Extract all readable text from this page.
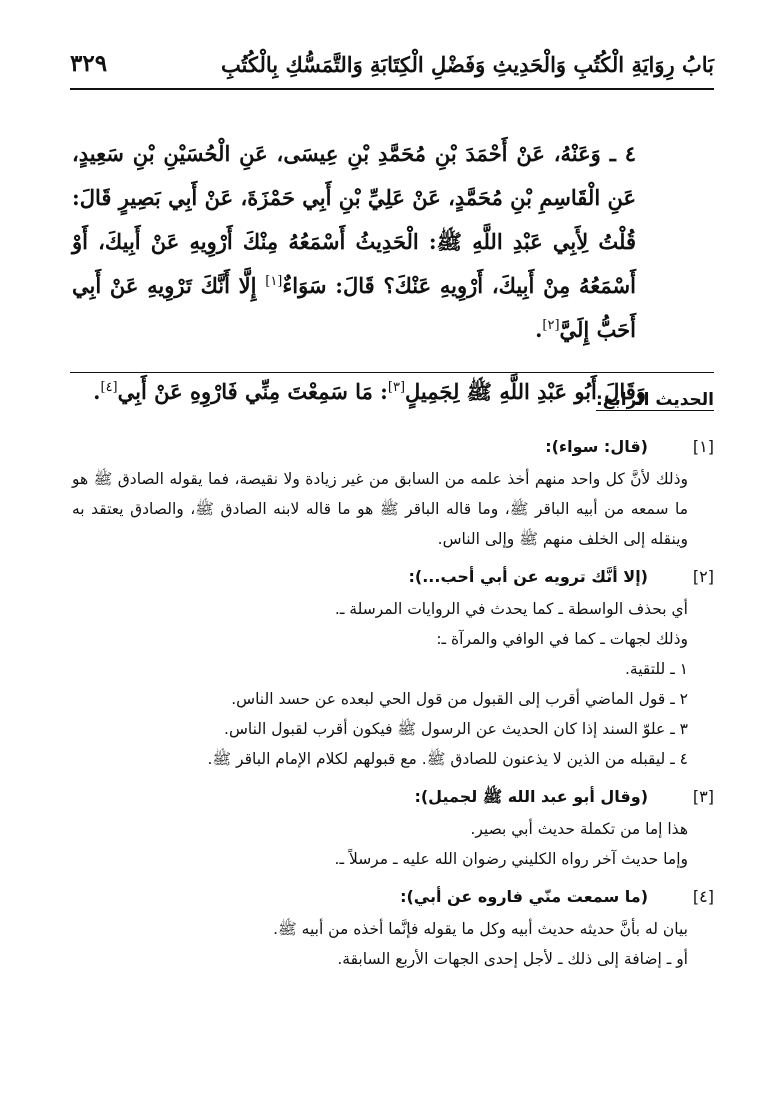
بَابُ رِوَايَةِ الْكُتُبِ وَالْحَدِيثِ وَفَضْلِ الْكِتَابَةِ وَالتَّمَسُّكِ بِالْكُتُبِ
٣٢٩

٤ ـ وَعَنْهُ، عَنْ أَحْمَدَ بْنِ مُحَمَّدِ بْنِ عِيسَى، عَنِ الْحُسَيْنِ بْنِ سَعِيدٍ، عَنِ الْقَاسِمِ بْنِ مُحَمَّدٍ، عَنْ عَلِيِّ بْنِ أَبِي حَمْزَةَ، عَنْ أَبِي بَصِيرٍ قَالَ: قُلْتُ لِأَبِي عَبْدِ اللَّهِ ﷺ: الْحَدِيثُ أَسْمَعُهُ مِنْكَ أَرْوِيهِ عَنْ أَبِيكَ، أَوْ أَسْمَعُهُ مِنْ أَبِيكَ، أَرْوِيهِ عَنْكَ؟ قَالَ: سَوَاءٌ[١] إِلَّا أَنَّكَ تَرْوِيهِ عَنْ أَبِي أَحَبُّ إِلَيَّ[٢].

وَقَالَ أَبُو عَبْدِ اللَّهِ ﷺ لِجَمِيلٍ[٣]: مَا سَمِعْتَ مِنِّي فَارْوِهِ عَنْ أَبِي[٤].	الحديث الرابع:
[١]
(قال: سواء):

وذلك لأنَّ كل واحد منهم أخذ علمه من السابق من غير زيادة ولا نقيصة، فما يقوله الصادق ﷺ هو ما سمعه من أبيه الباقر ﷺ، وما قاله الباقر ﷺ هو ما قاله لابنه الصادق ﷺ، والصادق يعتقد به وينقله إلى الخلف منهم ﷺ وإلى الناس.

[٢]
(إلا أنَّك ترويه عن أبي أحب...):

أي بحذف الواسطة ـ كما يحدث في الروايات المرسلة ـ.

وذلك لجهات ـ كما في الوافي والمرآة ـ:

١ ـ للتقية.

٢ ـ قول الماضي أقرب إلى القبول من قول الحي لبعده عن حسد الناس.

٣ ـ علوّ السند إذا كان الحديث عن الرسول ﷺ فيكون أقرب لقبول الناس.

٤ ـ ليقبله من الذين لا يذعنون للصادق ﷺ. مع قبولهم لكلام الإمام الباقر ﷺ.

[٣]
(وقال أبو عبد الله ﷺ لجميل):

هذا إما من تكملة حديث أبي بصير.

وإما حديث آخر رواه الكليني رضوان الله عليه ـ مرسلاً ـ.

[٤]
(ما سمعت منّي فاروه عن أبي):

بيان له بأنَّ حديثه حديث أبيه وكل ما يقوله فإنَّما أخذه من أبيه ﷺ.

أو ـ إضافة إلى ذلك ـ لأجل إحدى الجهات الأربع السابقة.
